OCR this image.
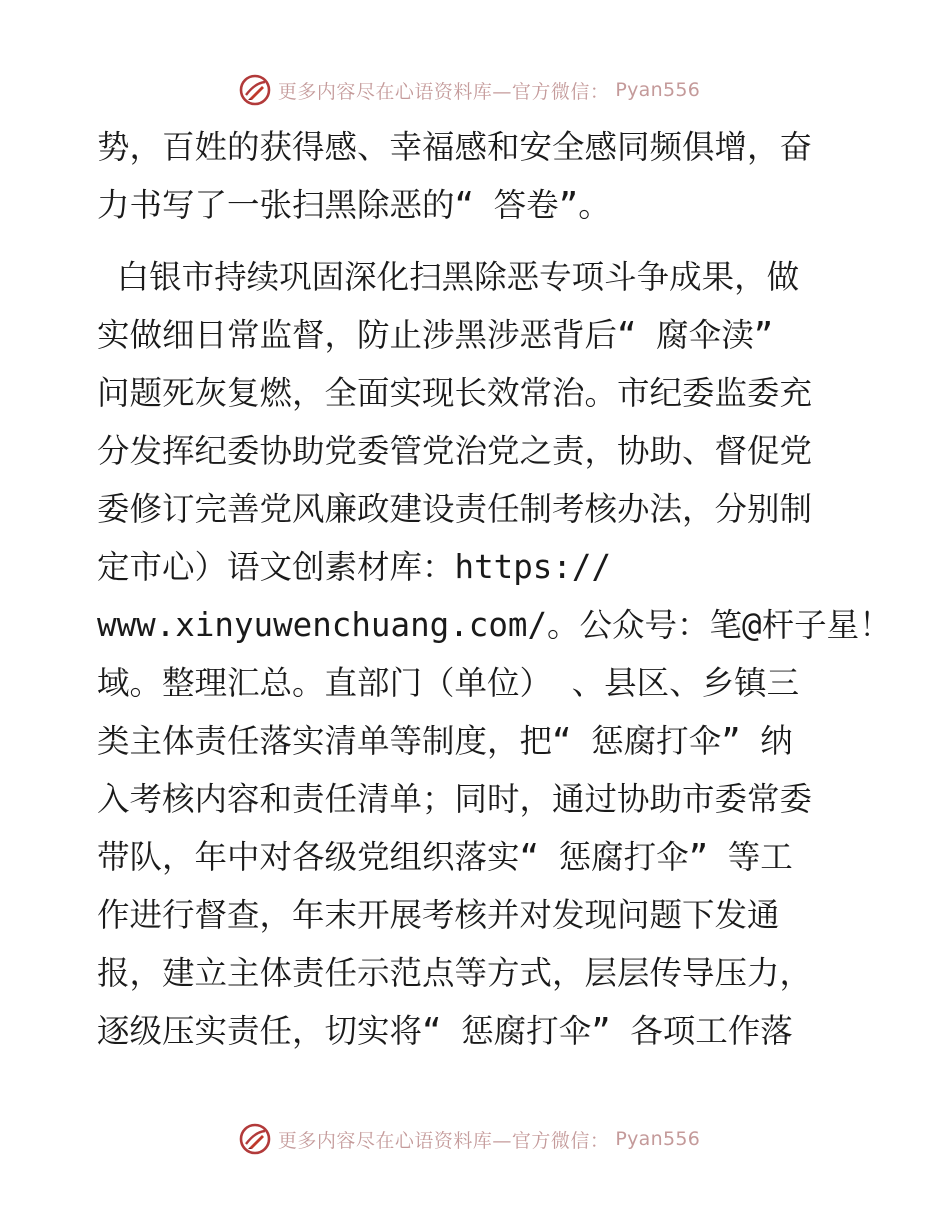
更多内容尽在心语资料库—官方微信： Pyan556
势，百姓的获得感、幸福感和安全感同频俱增，奋
力书写了一张扫黑除恶的“ 答卷”。
白银市持续巩固深化扫黑除恶专项斗争成果，做
实做细日常监督，防止涉黑涉恶背后“ 腐伞渎”
问题死灰复燃，全面实现长效常治。市纪委监委充
分发挥纪委协助党委管党治党之责，协助、督促党
委修订完善党风廉政建设责任制考核办法，分别制
定市心）语文创素材库：https://
www.xinyuwenchuang.com/。公众号：笔@杆子星！
域。整理汇总。直部门（单位） 、县区、乡镇三
类主体责任落实清单等制度，把“ 惩腐打伞” 纳
入考核内容和责任清单；同时，通过协助市委常委
带队，年中对各级党组织落实“ 惩腐打伞” 等工
作进行督查，年末开展考核并对发现问题下发通
报，建立主体责任示范点等方式，层层传导压力，
逐级压实责任，切实将“ 惩腐打伞” 各项工作落
更多内容尽在心语资料库—官方微信： Pyan556
